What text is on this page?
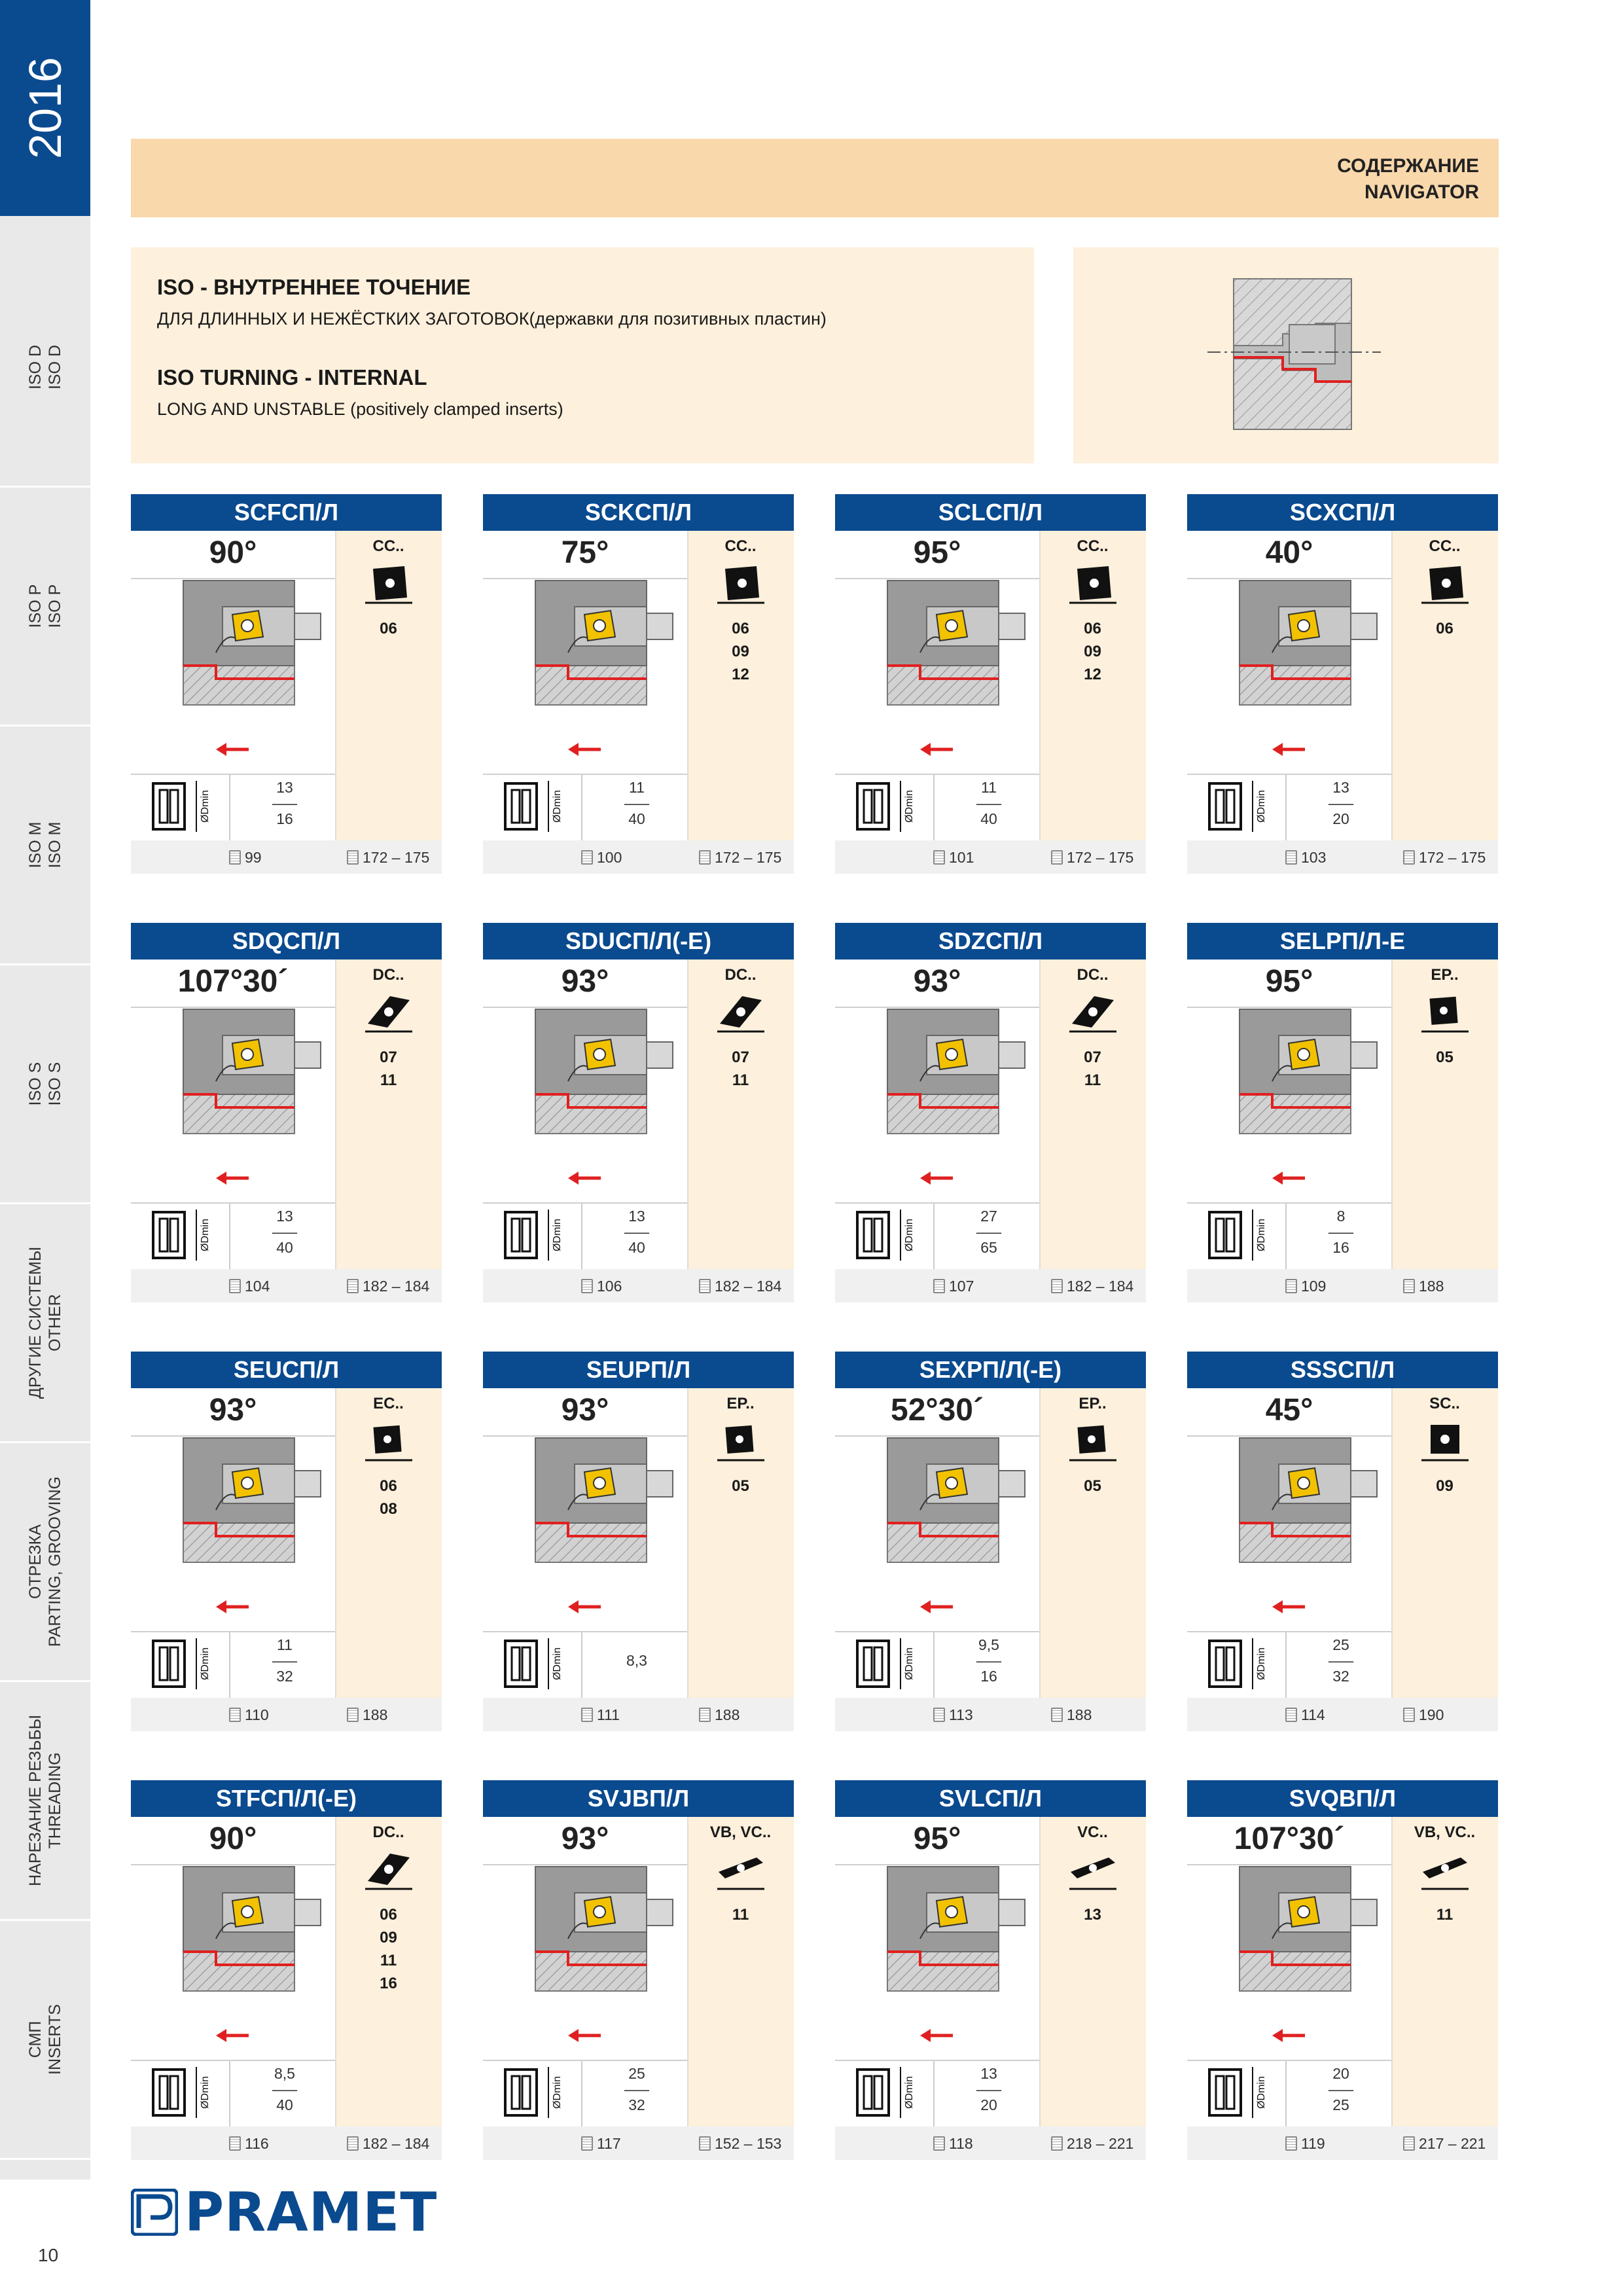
2016
ISO D ISO D
ISO P ISO P
ISO M ISO M
ISO S ISO S
ДРУГИЕ СИСТЕМЫ OTHER
ОТРЕЗКА PARTING, GROOVING
НАРЕЗАНИЕ РЕЗЬБЫ THREADING
СМП INSERTS
СОДЕРЖАНИЕ
NAVIGATOR
ISO - ВНУТРЕННЕЕ ТОЧЕНИЕ
ДЛЯ ДЛИННЫХ И НЕЖЁСТКИХ ЗАГОТОВОК(державки для позитивных пластин)
ISO TURNING - INTERNAL
LONG AND UNSTABLE (positively clamped inserts)
SCFCП/Л
90°	CC..
06
ØDmin
13
–––
16
99	172 – 175
SCKCП/Л
75°	CC..
06
09
12
ØDmin
11
–––
40
100	172 – 175
SCLCП/Л
95°	CC..
06
09
12
ØDmin
11
–––
40
101	172 – 175
SCXCП/Л
40°	CC..
06
ØDmin
13
–––
20
103	172 – 175
SDQCП/Л
107°30´	DC..
07
11
ØDmin
13
–––
40
104	182 – 184
SDUCП/Л(-E)
93°	DC..
07
11
ØDmin
13
–––
40
106	182 – 184
SDZCП/Л
93°	DC..
07
11
ØDmin
27
–––
65
107	182 – 184
SELPП/Л-E
95°	EP..
05
ØDmin
8
–––
16
109	188
SEUCП/Л
93°	EC..
06
08
ØDmin
11
–––
32
110	188
SEUPП/Л
93°	EP..
05
ØDmin	8,3
111	188
SEXPП/Л(-E)
52°30´	EP..
05
ØDmin
9,5
–––
16
113	188
SSSCП/Л
45°	SC..
09
ØDmin
25
–––
32
114	190
STFCП/Л(-E)
90°	DC..
06
09
11
16
ØDmin
8,5
–––
40
116	182 – 184
SVJBП/Л
93°	VB, VC..
11
ØDmin
25
–––
32
117	152 – 153
SVLCП/Л
95°	VC..
13
ØDmin
13
–––
20
118	218 – 221
SVQBП/Л
107°30´	VB, VC..
11
ØDmin
20
–––
25
119	217 – 221
PRAMET
10
